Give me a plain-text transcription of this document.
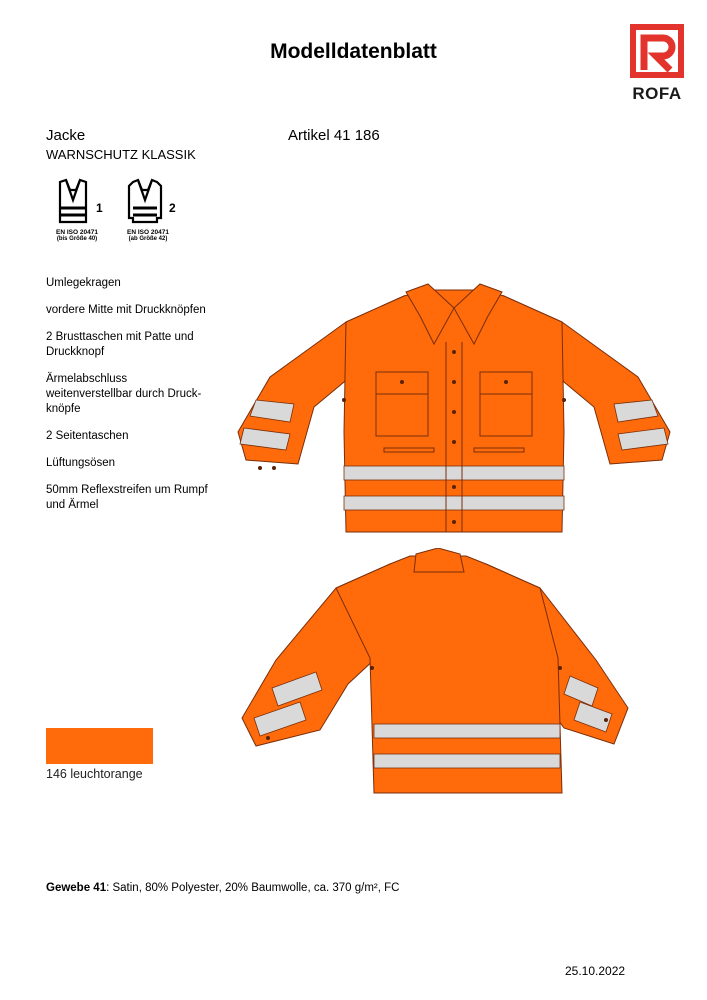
Modelldatenblatt
ROFA
Jacke
WARNSCHUTZ KLASSIK
Artikel 41 186
1
EN ISO 20471
(bis Größe 40)
2
EN ISO 20471
(ab Größe 42)
Umlegekragen
vordere Mitte mit Druckknöpfen
2 Brusttaschen mit Patte und
Druckknopf
Ärmelabschluss
weitenverstellbar durch Druck-
knöpfe
2 Seitentaschen
Lüftungsösen
50mm Reflexstreifen um Rumpf
und Ärmel
146 leuchtorange
Gewebe 41: Satin, 80% Polyester, 20% Baumwolle, ca. 370 g/m², FC
25.10.2022
